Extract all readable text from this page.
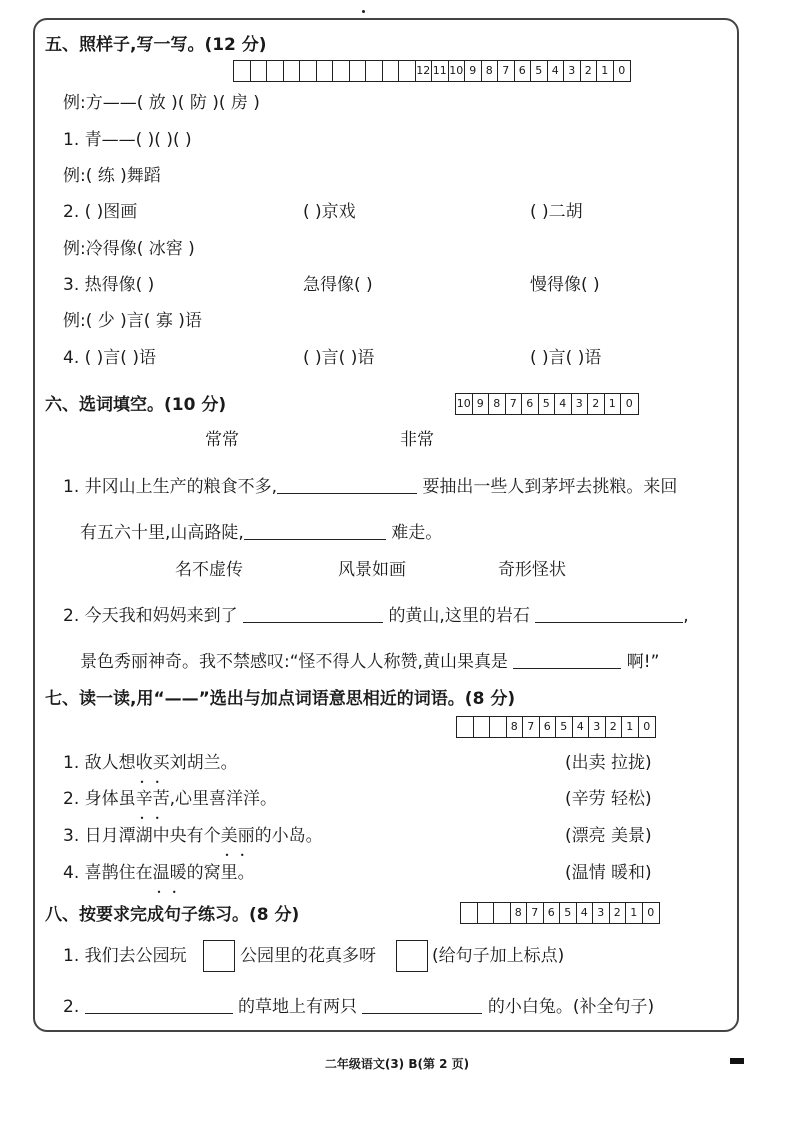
五、照样子,写一写。(12 分)
12 11 10 9 8 7 6 5 4 3 2 1 0
例:方——( 放 )( 防 )( 房 )
1. 青——( )( )( )
例:( 练 )舞蹈
2. ( )图画	( )京戏	( )二胡
例:冷得像( 冰窖 )
3. 热得像( )	急得像( )	慢得像( )
例:( 少 )言( 寡 )语
4. ( )言( )语	( )言( )语	( )言( )语
六、选词填空。(10 分)	10 9 8 7 6 5 4 3 2 1 0
常常	非常
1. 井冈山上生产的粮食不多,	要抽出一些人到茅坪去挑粮。来回
有五六十里,山高路陡,	难走。
名不虚传	风景如画	奇形怪状
2. 今天我和妈妈来到了	的黄山,这里的岩石	,
景色秀丽神奇。我不禁感叹:“怪不得人人称赞,黄山果真是	啊!”
七、读一读,用“——”选出与加点词语意思相近的词语。(8 分)
8 7 6 5 4 3 2 1 0
1. 敌人想收买 • •刘胡兰。	(出卖 拉拢)
2. 身体虽辛苦 • •,心里喜洋洋。	(辛劳 轻松)
3. 日月潭湖中央有个美丽 • •的小岛。	(漂亮 美景)
4. 喜鹊住在温暖 • •的窝里。	(温情 暖和)
八、按要求完成句子练习。(8 分)	8 7 6 5 4 3 2 1 0
1. 我们去公园玩	公园里的花真多呀	(给句子加上标点)
2.	的草地上有两只	的小白兔。(补全句子)
二年级语文(3) B(第 2 页)
